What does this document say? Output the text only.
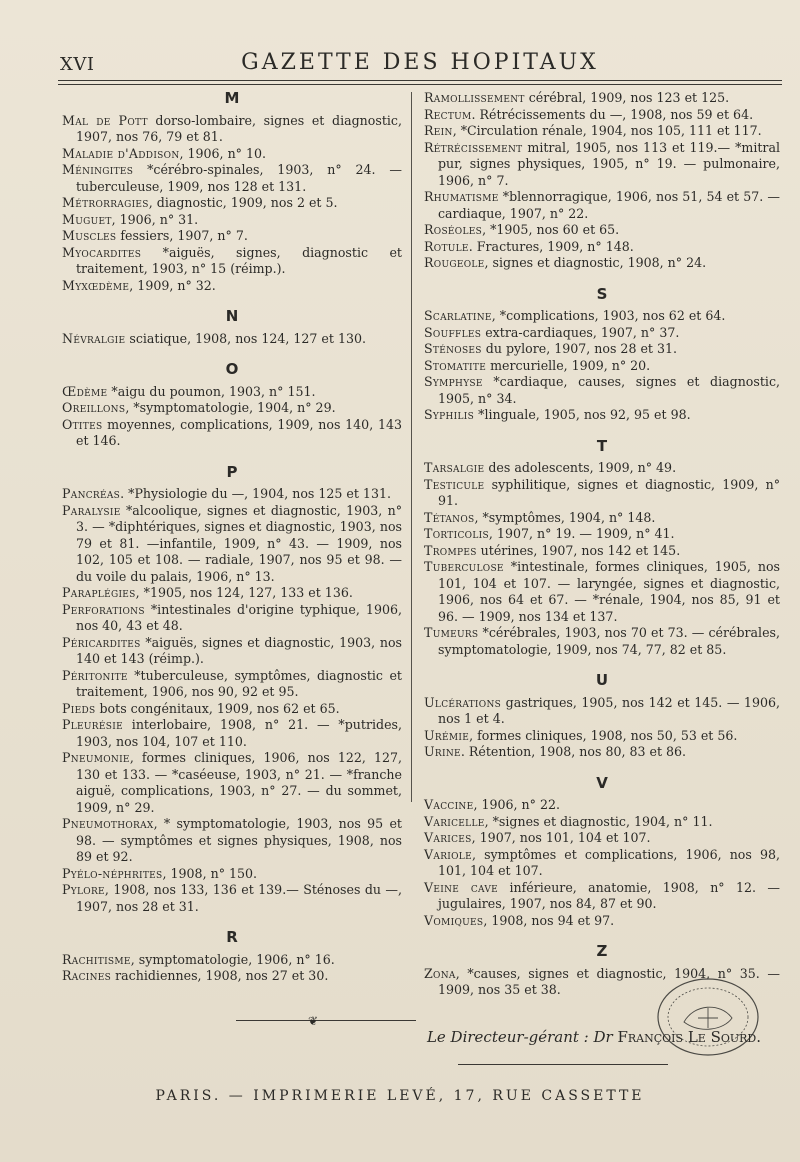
XVI	GAZETTE DES HOPITAUX
M

Mal de Pott dorso-lombaire, signes et diagnostic, 1907, nos 76, 79 et 81.

Maladie d'Addison, 1906, n° 10.

Méningites *cérébro-spinales, 1903, n° 24. — tuberculeuse, 1909, nos 128 et 131.

Métrorragies, diagnostic, 1909, nos 2 et 5.

Muguet, 1906, n° 31.

Muscles fessiers, 1907, n° 7.

Myocardites *aiguës, signes, diagnostic et traitement, 1903, n° 15 (réimp.).

Myxœdème, 1909, n° 32.

N

Névralgie sciatique, 1908, nos 124, 127 et 130.

O

Œdème *aigu du poumon, 1903, n° 151.

Oreillons, *symptomatologie, 1904, n° 29.

Otites moyennes, complications, 1909, nos 140, 143 et 146.

P

Pancréas. *Physiologie du —, 1904, nos 125 et 131.

Paralysie *alcoolique, signes et diagnostic, 1903, n° 3. — *diphtériques, signes et diagnostic, 1903, nos 79 et 81. —infantile, 1909, n° 43. — 1909, nos 102, 105 et 108. — radiale, 1907, nos 95 et 98. — du voile du palais, 1906, n° 13.

Paraplégies, *1905, nos 124, 127, 133 et 136.

Perforations *intestinales d'origine typhique, 1906, nos 40, 43 et 48.

Péricardites *aiguës, signes et diagnostic, 1903, nos 140 et 143 (réimp.).

Péritonite *tuberculeuse, symptômes, diagnostic et traitement, 1906, nos 90, 92 et 95.

Pieds bots congénitaux, 1909, nos 62 et 65.

Pleurésie interlobaire, 1908, n° 21. — *putrides, 1903, nos 104, 107 et 110.

Pneumonie, formes cliniques, 1906, nos 122, 127, 130 et 133. — *caséeuse, 1903, n° 21. — *franche aiguë, complications, 1903, n° 27. — du sommet, 1909, n° 29.

Pneumothorax, * symptomatologie, 1903, nos 95 et 98. — symptômes et signes physiques, 1908, nos 89 et 92.

Pyélo-néphrites, 1908, n° 150.

Pylore, 1908, nos 133, 136 et 139.— Sténoses du —, 1907, nos 28 et 31.

R

Rachitisme, symptomatologie, 1906, n° 16.

Racines rachidiennes, 1908, nos 27 et 30.

Ramollissement cérébral, 1909, nos 123 et 125.

Rectum. Rétrécissements du —, 1908, nos 59 et 64.

Rein, *Circulation rénale, 1904, nos 105, 111 et 117.

Rétrécissement mitral, 1905, nos 113 et 119.— *mitral pur, signes physiques, 1905, n° 19. — pulmonaire, 1906, n° 7.

Rhumatisme *blennorragique, 1906, nos 51, 54 et 57. — cardiaque, 1907, n° 22.

Roséoles, *1905, nos 60 et 65.

Rotule. Fractures, 1909, n° 148.

Rougeole, signes et diagnostic, 1908, n° 24.

S

Scarlatine, *complications, 1903, nos 62 et 64.

Souffles extra-cardiaques, 1907, n° 37.

Sténoses du pylore, 1907, nos 28 et 31.

Stomatite mercurielle, 1909, n° 20.

Symphyse *cardiaque, causes, signes et diagnostic, 1905, n° 34.

Syphilis *linguale, 1905, nos 92, 95 et 98.

T

Tarsalgie des adolescents, 1909, n° 49.

Testicule syphilitique, signes et diagnostic, 1909, n° 91.

Tétanos, *symptômes, 1904, n° 148.

Torticolis, 1907, n° 19. — 1909, n° 41.

Trompes utérines, 1907, nos 142 et 145.

Tuberculose *intestinale, formes cliniques, 1905, nos 101, 104 et 107. — laryngée, signes et diagnostic, 1906, nos 64 et 67. — *rénale, 1904, nos 85, 91 et 96. — 1909, nos 134 et 137.

Tumeurs *cérébrales, 1903, nos 70 et 73. — cérébrales, symptomatologie, 1909, nos 74, 77, 82 et 85.

U

Ulcérations gastriques, 1905, nos 142 et 145. — 1906, nos 1 et 4.

Urémie, formes cliniques, 1908, nos 50, 53 et 56.

Urine. Rétention, 1908, nos 80, 83 et 86.

V

Vaccine, 1906, n° 22.

Varicelle, *signes et diagnostic, 1904, n° 11.

Varices, 1907, nos 101, 104 et 107.

Variole, symptômes et complications, 1906, nos 98, 101, 104 et 107.

Veine cave inférieure, anatomie, 1908, n° 12. — jugulaires, 1907, nos 84, 87 et 90.

Vomiques, 1908, nos 94 et 97.

Z

Zona, *causes, signes et diagnostic, 1904, n° 35. — 1909, nos 35 et 38.

❦
Le Directeur-gérant : Dr François Le Sourd.
PARIS. — IMPRIMERIE LEVÉ, 17, RUE CASSETTE
